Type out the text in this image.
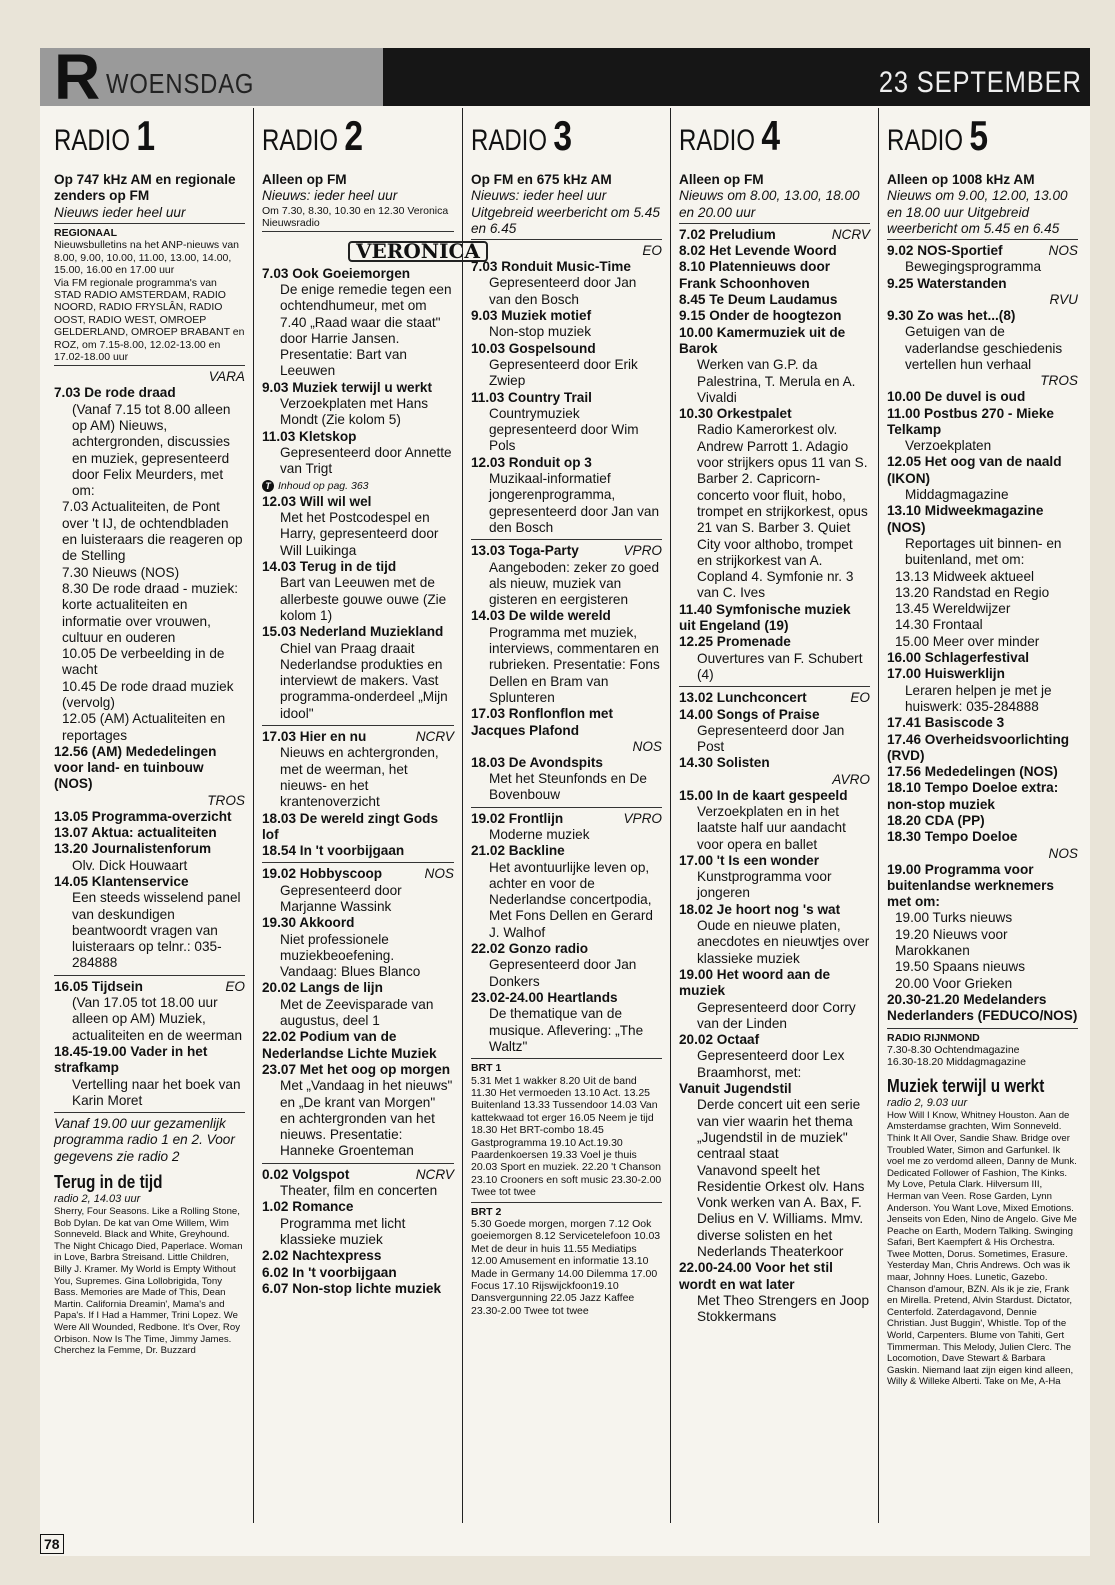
R WOENSDAG	23 SEPTEMBER
RADIO 1
Op 747 kHz AM en regionale zenders op FM
Nieuws ieder heel uur
REGIONAAL
Nieuwsbulletins na het ANP-nieuws van 8.00, 9.00, 10.00, 11.00, 13.00, 14.00, 15.00, 16.00 en 17.00 uur
Via FM regionale programma's van STAD RADIO AMSTERDAM, RADIO NOORD, RADIO FRYSLÂN, RADIO OOST, RADIO WEST, OMROEP GELDERLAND, OMROEP BRABANT en ROZ, om 7.15-8.00, 12.02-13.00 en 17.02-18.00 uur
VARA
7.03 De rode draad
(Vanaf 7.15 tot 8.00 alleen op AM) Nieuws, achtergronden, discussies en muziek, gepresenteerd door Felix Meurders, met om:
7.03 Actualiteiten, de Pont over 't IJ, de ochtendbladen en luisteraars die reageren op de Stelling
7.30 Nieuws (NOS)
8.30 De rode draad - muziek: korte actualiteiten en informatie over vrouwen, cultuur en ouderen
10.05 De verbeelding in de wacht
10.45 De rode draad muziek (vervolg)
12.05 (AM) Actualiteiten en reportages
12.56 (AM) Mededelingen voor land- en tuinbouw (NOS)
TROS
13.05 Programma-overzicht
13.07 Aktua: actualiteiten
13.20 Journalistenforum
Olv. Dick Houwaart
14.05 Klantenservice
Een steeds wisselend panel van deskundigen beantwoordt vragen van luisteraars op telnr.: 035-284888
16.05 Tijdsein	EO
(Van 17.05 tot 18.00 uur alleen op AM) Muziek, actualiteiten en de weerman
18.45-19.00 Vader in het strafkamp
Vertelling naar het boek van Karin Moret
Vanaf 19.00 uur gezamenlijk programma radio 1 en 2. Voor gegevens zie radio 2
Terug in de tijd
radio 2, 14.03 uur
Sherry, Four Seasons. Like a Rolling Stone, Bob Dylan. De kat van Ome Willem, Wim Sonneveld. Black and White, Greyhound. The Night Chicago Died, Paperlace. Woman in Love, Barbra Streisand. Little Children, Billy J. Kramer. My World is Empty Without You, Supremes. Gina Lollobrigida, Tony Bass. Memories are Made of This, Dean Martin. California Dreamin', Mama's and Papa's. If I Had a Hammer, Trini Lopez. We Were All Wounded, Redbone. It's Over, Roy Orbison. Now Is The Time, Jimmy James. Cherchez la Femme, Dr. Buzzard
RADIO 2
Alleen op FM
Nieuws: ieder heel uur
Om 7.30, 8.30, 10.30 en 12.30 Veronica Nieuwsradio
VERONICA
7.03 Ook Goeiemorgen
De enige remedie tegen een ochtendhumeur, met om 7.40 „Raad waar die staat" door Harrie Jansen. Presentatie: Bart van Leeuwen
9.03 Muziek terwijl u werkt
Verzoekplaten met Hans Mondt (Zie kolom 5)
11.03 Kletskop
Gepresenteerd door Annette van Trigt
T Inhoud op pag. 363
12.03 Will wil wel
Met het Postcodespel en Harry, gepresenteerd door Will Luikinga
14.03 Terug in de tijd
Bart van Leeuwen met de allerbeste gouwe ouwe (Zie kolom 1)
15.03 Nederland Muziekland
Chiel van Praag draait Nederlandse produkties en interviewt de makers. Vast programma-onderdeel „Mijn idool"
17.03 Hier en nu	NCRV
Nieuws en achtergronden, met de weerman, het nieuws- en het krantenoverzicht
18.03 De wereld zingt Gods lof
18.54 In 't voorbijgaan
19.02 Hobbyscoop	NOS
Gepresenteerd door Marjanne Wassink
19.30 Akkoord
Niet professionele muziekbeoefening. Vandaag: Blues Blanco
20.02 Langs de lijn
Met de Zeevisparade van augustus, deel 1
22.02 Podium van de Nederlandse Lichte Muziek
23.07 Met het oog op morgen
Met „Vandaag in het nieuws" en „De krant van Morgen" en achtergronden van het nieuws. Presentatie: Hanneke Groenteman
0.02 Volgspot	NCRV
Theater, film en concerten
1.02 Romance
Programma met licht klassieke muziek
2.02 Nachtexpress
6.02 In 't voorbijgaan
6.07 Non-stop lichte muziek
RADIO 3
Op FM en 675 kHz AM
Nieuws: ieder heel uur Uitgebreid weerbericht om 5.45 en 6.45
EO
7.03 Ronduit Music-Time
Gepresenteerd door Jan van den Bosch
9.03 Muziek motief
Non-stop muziek
10.03 Gospelsound
Gepresenteerd door Erik Zwiep
11.03 Country Trail
Countrymuziek gepresenteerd door Wim Pols
12.03 Ronduit op 3
Muzikaal-informatief jongerenprogramma, gepresenteerd door Jan van den Bosch
13.03 Toga-Party	VPRO
Aangeboden: zeker zo goed als nieuw, muziek van gisteren en eergisteren
14.03 De wilde wereld
Programma met muziek, interviews, commentaren en rubrieken. Presentatie: Fons Dellen en Bram van Splunteren
17.03 Ronflonflon met Jacques Plafond
NOS
18.03 De Avondspits
Met het Steunfonds en De Bovenbouw
19.02 Frontlijn	VPRO
Moderne muziek
21.02 Backline
Het avontuurlijke leven op, achter en voor de Nederlandse concertpodia, Met Fons Dellen en Gerard J. Walhof
22.02 Gonzo radio
Gepresenteerd door Jan Donkers
23.02-24.00 Heartlands
De thematique van de musique. Aflevering: „The Waltz"
BRT 1
5.31 Met 1 wakker 8.20 Uit de band 11.30 Het vermoeden 13.10 Act. 13.25 Buitenland 13.33 Tussendoor 14.03 Van kattekwaad tot erger 16.05 Neem je tijd 18.30 Het BRT-combo 18.45 Gastprogramma 19.10 Act.19.30 Paardenkoersen 19.33 Voel je thuis 20.03 Sport en muziek. 22.20 't Chanson 23.10 Crooners en soft music 23.30-2.00 Twee tot twee
BRT 2
5.30 Goede morgen, morgen 7.12 Ook goeiemorgen 8.12 Servicetelefoon 10.03 Met de deur in huis 11.55 Mediatips 12.00 Amusement en informatie 13.10 Made in Germany 14.00 Dilemma 17.00 Focus 17.10 Rijswijckfoon19.10 Dansvergunning 22.05 Jazz Kaffee 23.30-2.00 Twee tot twee
RADIO 4
Alleen op FM
Nieuws om 8.00, 13.00, 18.00 en 20.00 uur
7.02 Preludium	NCRV
8.02 Het Levende Woord
8.10 Platennieuws door Frank Schoonhoven
8.45 Te Deum Laudamus
9.15 Onder de hoogtezon
10.00 Kamermuziek uit de Barok
Werken van G.P. da Palestrina, T. Merula en A. Vivaldi
10.30 Orkestpalet
Radio Kamerorkest olv. Andrew Parrott 1. Adagio voor strijkers opus 11 van S. Barber 2. Capricorn-concerto voor fluit, hobo, trompet en strijkorkest, opus 21 van S. Barber 3. Quiet City voor althobo, trompet en strijkorkest van A. Copland 4. Symfonie nr. 3 van C. Ives
11.40 Symfonische muziek uit Engeland (19)
12.25 Promenade
Ouvertures van F. Schubert (4)
13.02 Lunchconcert	EO
14.00 Songs of Praise
Gepresenteerd door Jan Post
14.30 Solisten
AVRO
15.00 In de kaart gespeeld
Verzoekplaten en in het laatste half uur aandacht voor opera en ballet
17.00 't Is een wonder
Kunstprogramma voor jongeren
18.02 Je hoort nog 's wat
Oude en nieuwe platen, anecdotes en nieuwtjes over klassieke muziek
19.00 Het woord aan de muziek
Gepresenteerd door Corry van der Linden
20.02 Octaaf
Gepresenteerd door Lex Braamhorst, met:
Vanuit Jugendstil
Derde concert uit een serie van vier waarin het thema „Jugendstil in de muziek" centraal staat
Vanavond speelt het Residentie Orkest olv. Hans Vonk werken van A. Bax, F. Delius en V. Williams. Mmv. diverse solisten en het Nederlands Theaterkoor
22.00-24.00 Voor het stil wordt en wat later
Met Theo Strengers en Joop Stokkermans
RADIO 5
Alleen op 1008 kHz AM
Nieuws om 9.00, 12.00, 13.00 en 18.00 uur Uitgebreid weerbericht om 5.45 en 6.45
9.02 NOS-Sportief	NOS
Bewegingsprogramma
9.25 Waterstanden
RVU
9.30 Zo was het...(8)
Getuigen van de vaderlandse geschiedenis vertellen hun verhaal
TROS
10.00 De duvel is oud
11.00 Postbus 270 - Mieke Telkamp
Verzoekplaten
12.05 Het oog van de naald (IKON)
Middagmagazine
13.10 Midweekmagazine (NOS)
Reportages uit binnen- en buitenland, met om:
13.13 Midweek aktueel
13.20 Randstad en Regio
13.45 Wereldwijzer
14.30 Frontaal
15.00 Meer over minder
16.00 Schlagerfestival
17.00 Huiswerklijn
Leraren helpen je met je huiswerk: 035-284888
17.41 Basiscode 3
17.46 Overheidsvoorlichting (RVD)
17.56 Mededelingen (NOS)
18.10 Tempo Doeloe extra: non-stop muziek
18.20 CDA (PP)
18.30 Tempo Doeloe
NOS
19.00 Programma voor buitenlandse werknemers met om:
19.00 Turks nieuws
19.20 Nieuws voor Marokkanen
19.50 Spaans nieuws
20.00 Voor Grieken
20.30-21.20 Medelanders Nederlanders (FEDUCO/NOS)
RADIO RIJNMOND
7.30-8.30 Ochtendmagazine
16.30-18.20 Middagmagazine
Muziek terwijl u werkt
radio 2, 9.03 uur
How Will I Know, Whitney Houston. Aan de Amsterdamse grachten, Wim Sonneveld. Think It All Over, Sandie Shaw. Bridge over Troubled Water, Simon and Garfunkel. Ik voel me zo verdomd alleen, Danny de Munk. Dedicated Follower of Fashion, The Kinks. My Love, Petula Clark. Hilversum III, Herman van Veen. Rose Garden, Lynn Anderson. You Want Love, Mixed Emotions. Jenseits von Eden, Nino de Angelo. Give Me Peache on Earth, Modern Talking. Swinging Safari, Bert Kaempfert & His Orchestra. Twee Motten, Dorus. Sometimes, Erasure. Yesterday Man, Chris Andrews. Och was ik maar, Johnny Hoes. Lunetic, Gazebo. Chanson d'amour, BZN. Als ik je zie, Frank en Mirella. Pretend, Alvin Stardust. Dictator, Centerfold. Zaterdagavond, Dennie Christian. Just Buggin', Whistle. Top of the World, Carpenters. Blume von Tahiti, Gert Timmerman. This Melody, Julien Clerc. The Locomotion, Dave Stewart & Barbara Gaskin. Niemand laat zijn eigen kind alleen, Willy & Willeke Alberti. Take on Me, A-Ha
78
